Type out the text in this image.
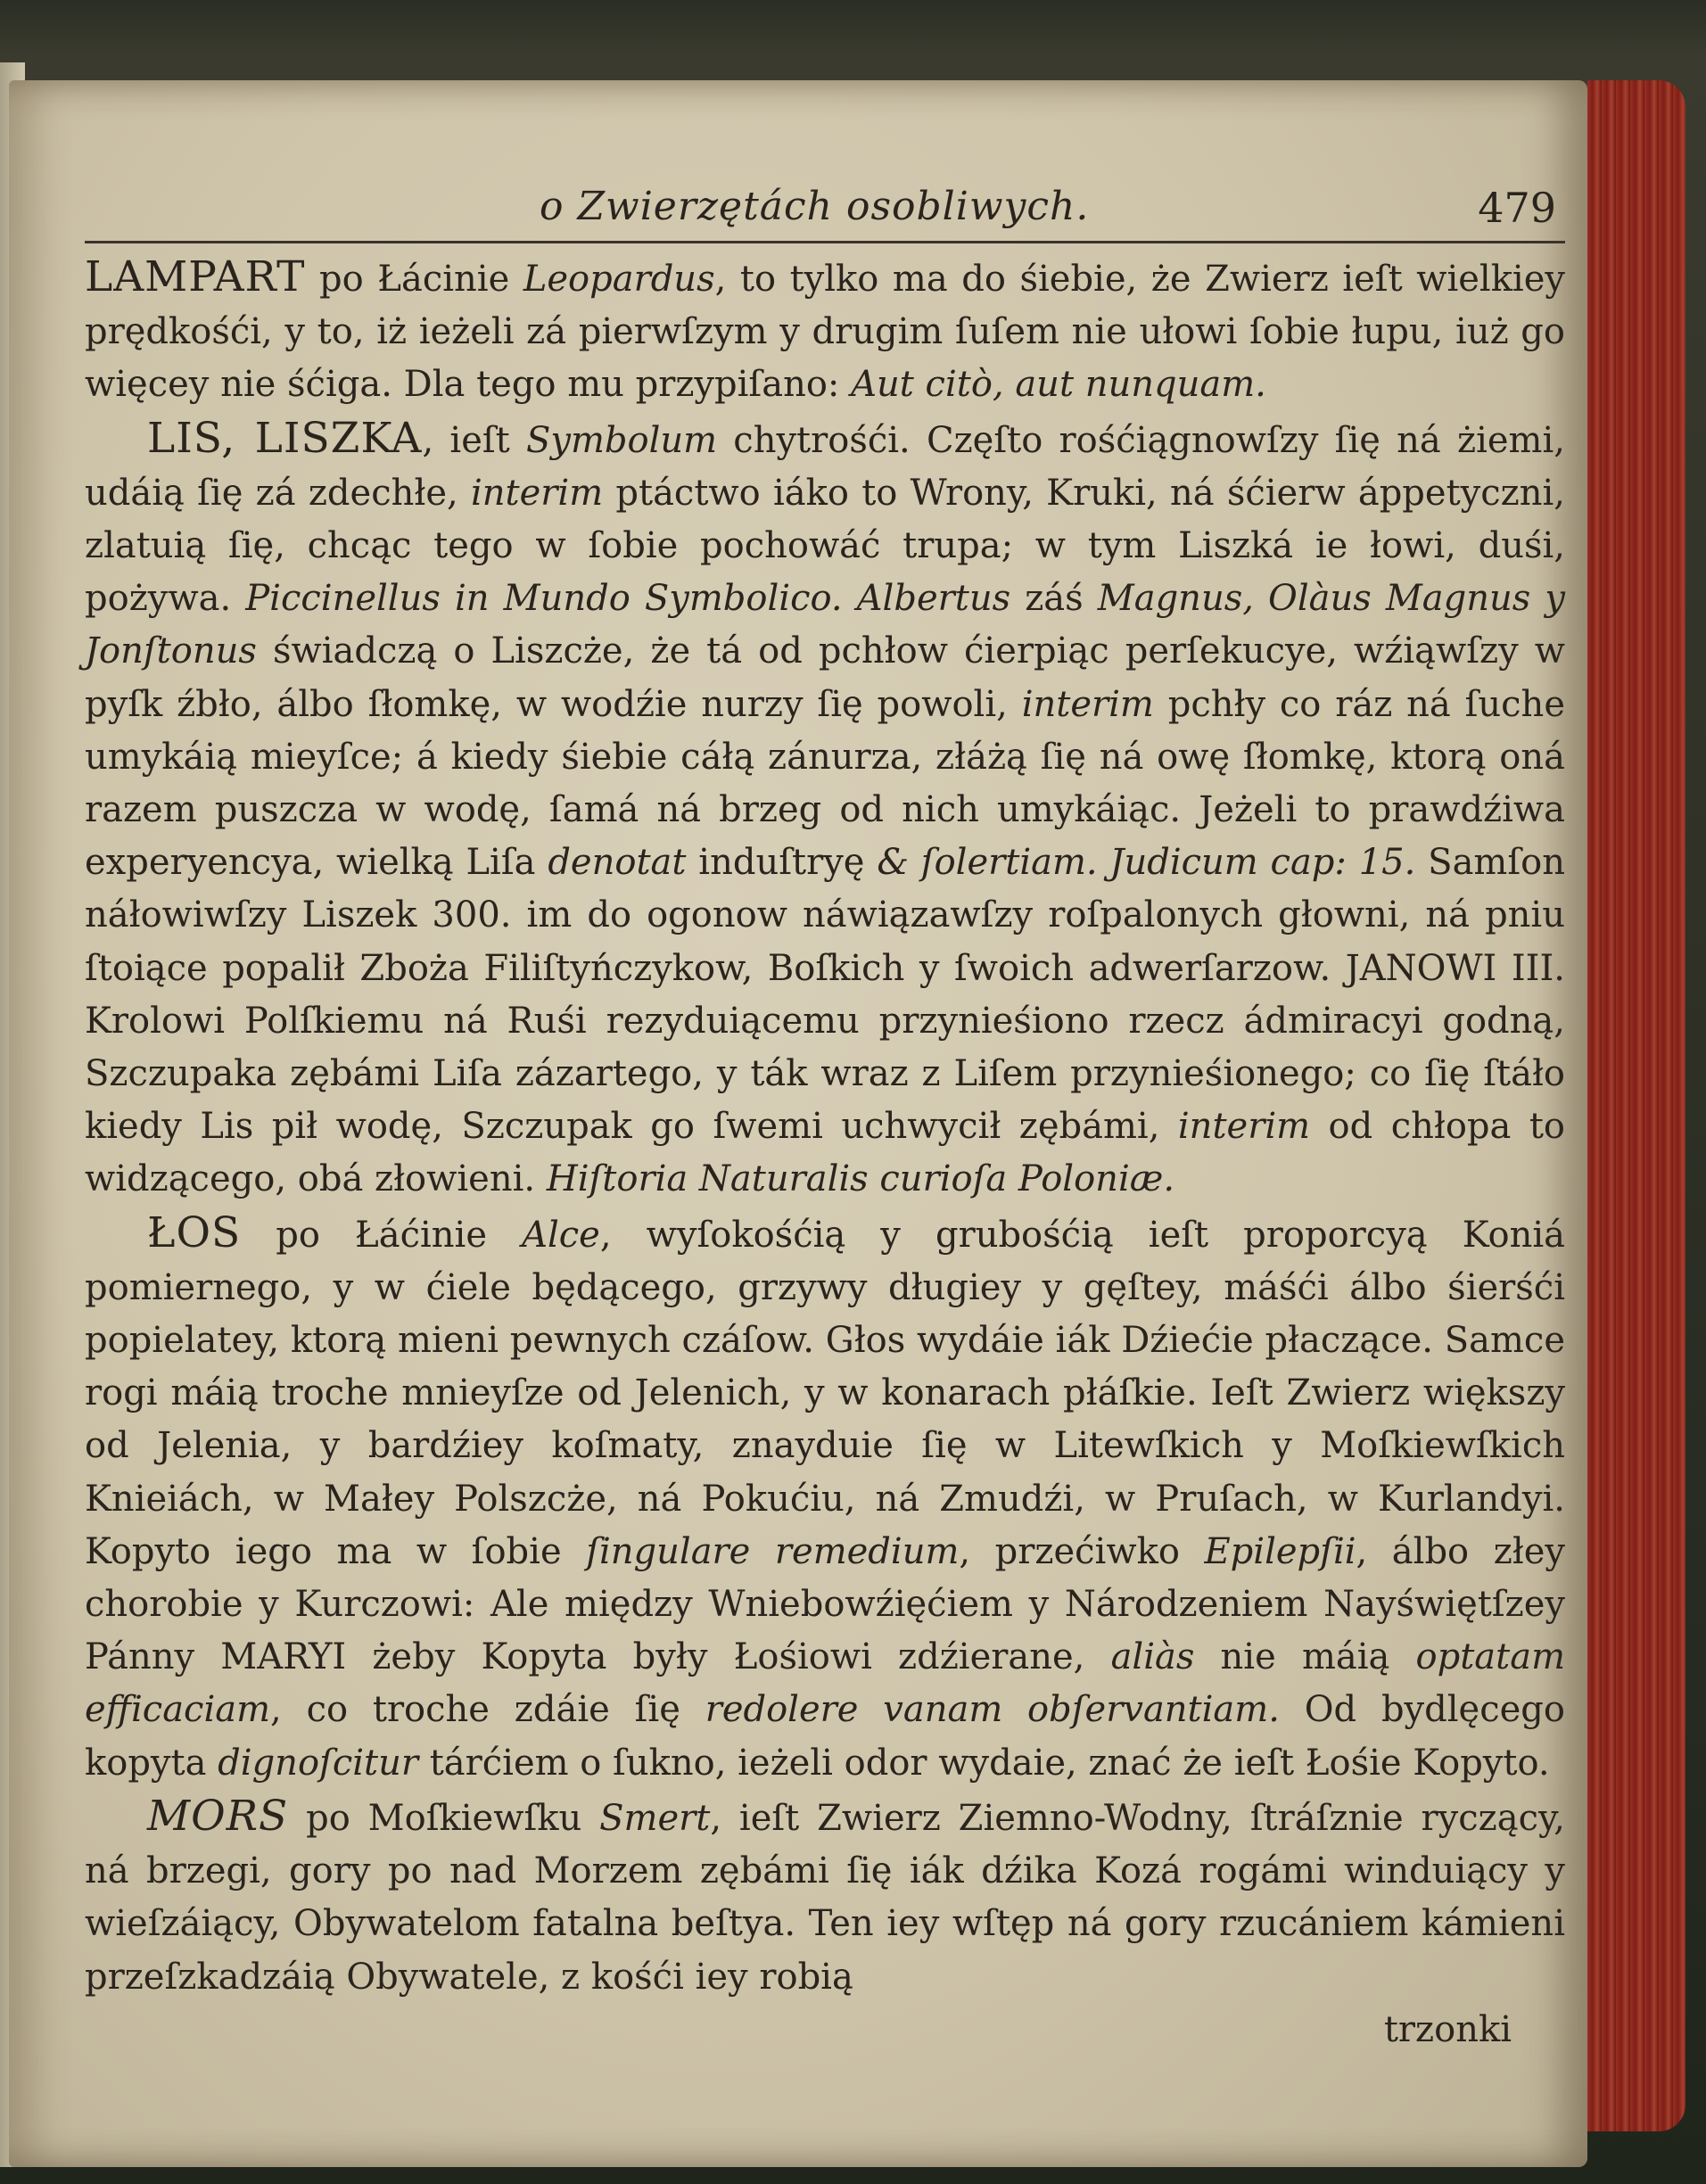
o Zwierzętách osobliwych.	479

LAMPART po Łácinie Leopardus, to tylko ma do śiebie, że Zwierz ieſt wielkiey prędkośći, y to, iż ieżeli zá pierwſzym y drugim ſuſem nie ułowi ſobie łupu, iuż go więcey nie śćiga. Dla tego mu przypiſano: Aut citò, aut nunquam.

LIS, LISZKA, ieſt Symbolum chytrośći. Częſto rośćiągnowſzy ſię ná żiemi, udáią ſię zá zdechłe, interim ptáctwo iáko to Wrony, Kruki, ná śćierw áppetyczni, zlatuią ſię, chcąc tego w ſobie pochowáć trupa; w tym Liszká ie łowi, duśi, pożywa. Piccinellus in Mundo Symbolico. Albertus záś Magnus, Olàus Magnus y Jonſtonus świadczą o Liszcże, że tá od pchłow ćierpiąc perſekucye, wźiąwſzy w pyſk źbło, álbo ſłomkę, w wodźie nurzy ſię powoli, interim pchły co ráz ná ſuche umykáią mieyſce; á kiedy śiebie cáłą zánurza, złáżą ſię ná owę ſłomkę, ktorą oná razem puszcza w wodę, ſamá ná brzeg od nich umykáiąc. Jeżeli to prawdźiwa experyencya, wielką Liſa denotat induſtryę & ſolertiam. Judicum cap: 15. Samſon náłowiwſzy Liszek 300. im do ogonow náwiązawſzy roſpalonych głowni, ná pniu ſtoiące popalił Zboża Filiſtyńczykow, Boſkich y ſwoich adwerſarzow. JANOWI III. Krolowi Polſkiemu ná Ruśi rezyduiącemu przynieśiono rzecz ádmiracyi godną, Szczupaka zębámi Liſa zázartego, y ták wraz z Liſem przynieśionego; co ſię ſtáło kiedy Lis pił wodę, Szczupak go ſwemi uchwycił zębámi, interim od chłopa to widzącego, obá złowieni. Hiſtoria Naturalis curioſa Poloniæ.

ŁOS po Łáćinie Alce, wyſokośćią y grubośćią ieſt proporcyą Koniá pomiernego, y w ćiele będącego, grzywy długiey y gęſtey, máśći álbo śierśći popielatey, ktorą mieni pewnych czáſow. Głos wydáie iák Dźiećie płaczące. Samce rogi máią troche mnieyſze od Jelenich, y w konarach płáſkie. Ieſt Zwierz większy od Jelenia, y bardźiey koſmaty, znayduie ſię w Litewſkich y Moſkiewſkich Knieiách, w Małey Polszcże, ná Pokućiu, ná Zmudźi, w Pruſach, w Kurlandyi. Kopyto iego ma w ſobie ſingulare remedium, przećiwko Epilepſii, álbo złey chorobie y Kurczowi: Ale między Wniebowźięćiem y Národzeniem Nayświętſzey Pánny MARYI żeby Kopyta były Łośiowi zdźierane, aliàs nie máią optatam efficaciam, co troche zdáie ſię redolere vanam obſervantiam. Od bydlęcego kopyta dignoſcitur tárćiem o ſukno, ieżeli odor wydaie, znać że ieſt Łośie Kopyto.

MORS po Moſkiewſku Smert, ieſt Zwierz Ziemno-Wodny, ſtráſznie ryczący, ná brzegi, gory po nad Morzem zębámi ſię iák dźika Kozá rogámi winduiący y wieſzáiący, Obywatelom fatalna beſtya. Ten iey wſtęp ná gory rzucániem kámieni przeſzkadzáią Obywatele, z kośći iey robią

trzonki
